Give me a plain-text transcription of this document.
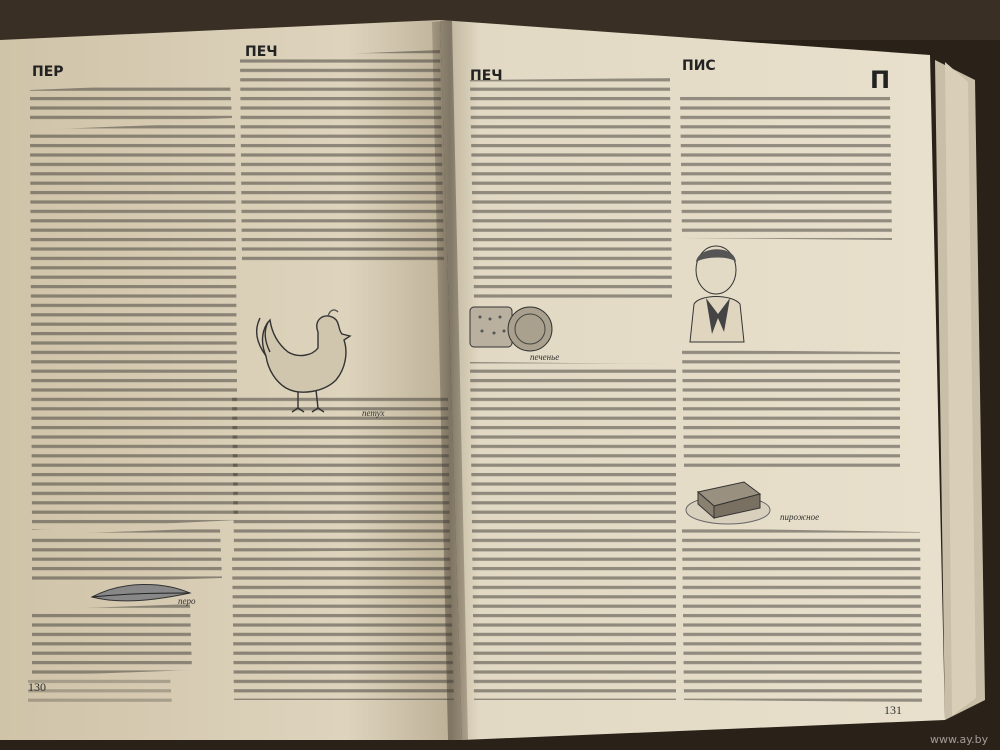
ПЕР
ПЕЧ
ПЕЧ
ПИС	П
130
131
петух
перо
печенье
пирожное
www.ay.by
